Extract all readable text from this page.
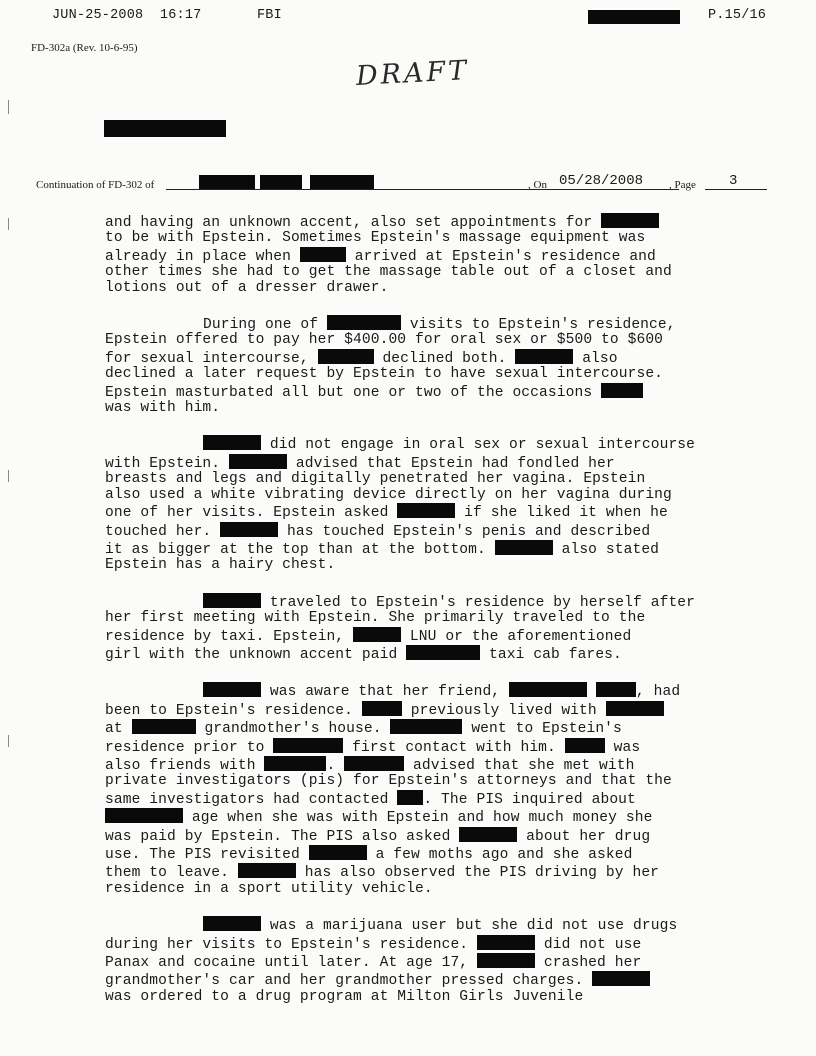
JUN-25-2008  16:17	FBI	P.15/16
FD-302a (Rev. 10-6-95)
DRAFT
Continuation of FD-302 of	, On 05/28/2008 , Page 3
and having an unknown accent, also set appointments for
to be with Epstein. Sometimes Epstein's massage equipment was
already in place when	arrived at Epstein's residence and
other times she had to get the massage table out of a closet and
lotions out of a dresser drawer.
During one of	visits to Epstein's residence,
Epstein offered to pay her $400.00 for oral sex or $500 to $600
for sexual intercourse,	declined both.	also
declined a later request by Epstein to have sexual intercourse.
Epstein masturbated all but one or two of the occasions
was with him.
did not engage in oral sex or sexual intercourse
with Epstein.	advised that Epstein had fondled her
breasts and legs and digitally penetrated her vagina. Epstein
also used a white vibrating device directly on her vagina during
one of her visits. Epstein asked	if she liked it when he
touched her.	has touched Epstein's penis and described
it as bigger at the top than at the bottom.	also stated
Epstein has a hairy chest.
traveled to Epstein's residence by herself after
her first meeting with Epstein. She primarily traveled to the
residence by taxi. Epstein,	LNU or the aforementioned
girl with the unknown accent paid	taxi cab fares.
was aware that her friend,	, had
been to Epstein's residence.	previously lived with
at	grandmother's house.	went to Epstein's
residence prior to	first contact with him.	was
also friends with	.	advised that she met with
private investigators (pis) for Epstein's attorneys and that the
same investigators had contacted . The PIS inquired about
age when she was with Epstein and how much money she
was paid by Epstein. The PIS also asked	about her drug
use. The PIS revisited	a few moths ago and she asked
them to leave.	has also observed the PIS driving by her
residence in a sport utility vehicle.
was a marijuana user but she did not use drugs
during her visits to Epstein's residence.	did not use
Panax and cocaine until later. At age 17,	crashed her
grandmother's car and her grandmother pressed charges.
was ordered to a drug program at Milton Girls Juvenile
